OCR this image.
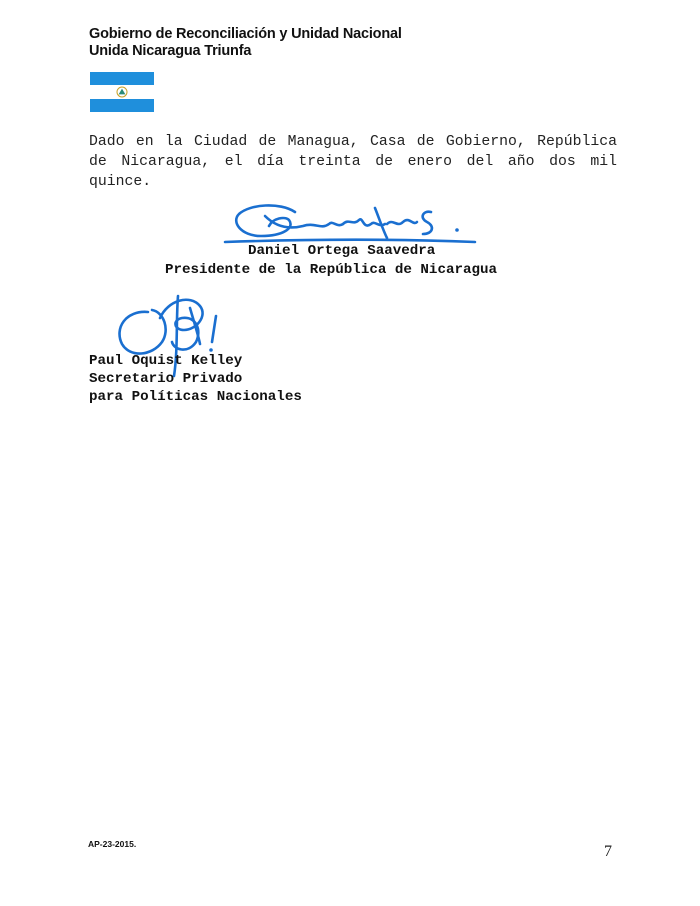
Gobierno de Reconciliación y Unidad Nacional
Unida Nicaragua Triunfa
Dado en la Ciudad de Managua, Casa de Gobierno, República de Nicaragua, el día treinta de enero del año dos mil quince.
Daniel Ortega Saavedra
Presidente de la República de Nicaragua
Paul Oquist Kelley
Secretario Privado
para Políticas Nacionales
AP-23-2015.	7
